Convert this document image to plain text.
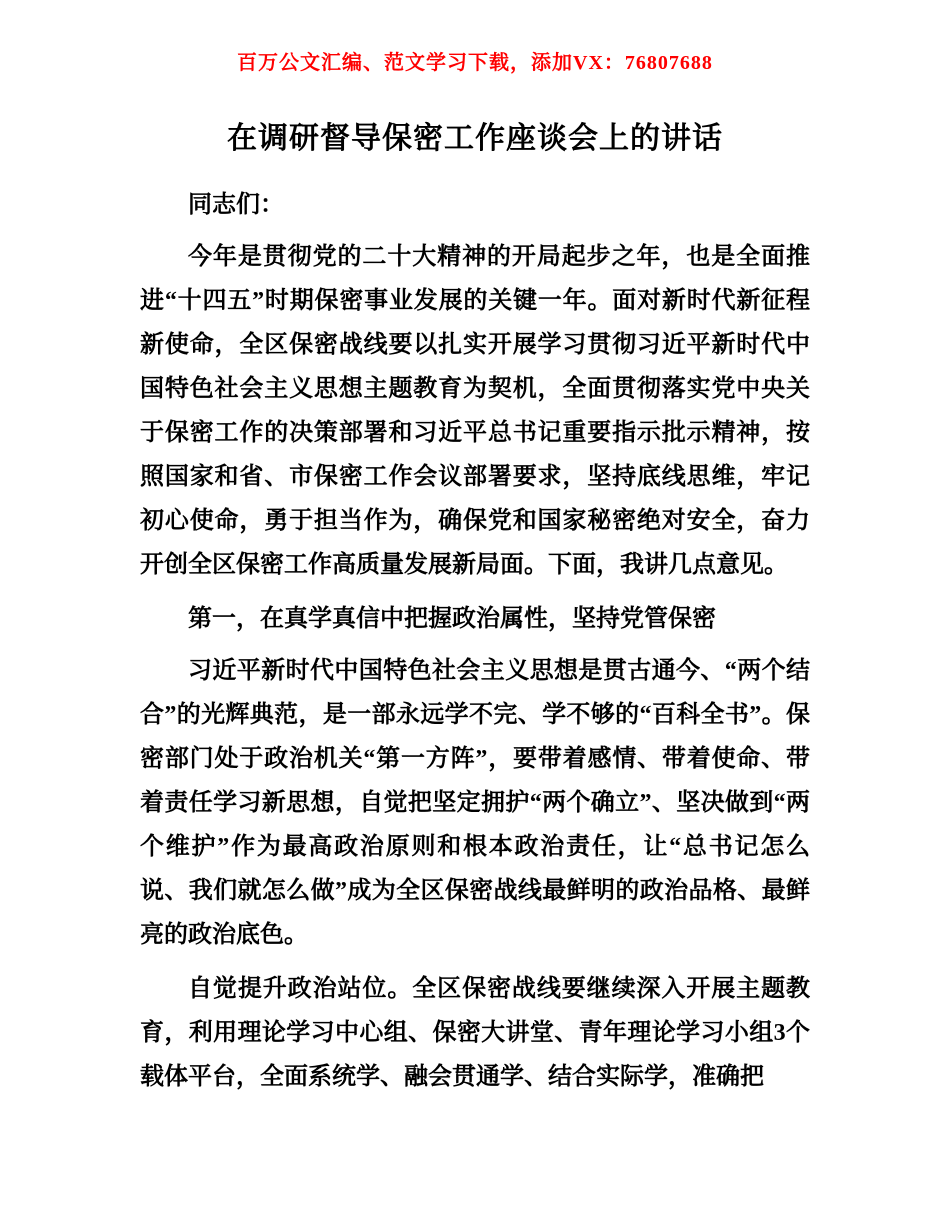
百万公文汇编、范文学习下载，添加VX：76807688
在调研督导保密工作座谈会上的讲话

同志们：

今年是贯彻党的二十大精神的开局起步之年，也是全面推进“十四五”时期保密事业发展的关键一年。面对新时代新征程新使命，全区保密战线要以扎实开展学习贯彻习近平新时代中国特色社会主义思想主题教育为契机，全面贯彻落实党中央关于保密工作的决策部署和习近平总书记重要指示批示精神，按照国家和省、市保密工作会议部署要求，坚持底线思维，牢记初心使命，勇于担当作为，确保党和国家秘密绝对安全，奋力开创全区保密工作高质量发展新局面。下面，我讲几点意见。

第一，在真学真信中把握政治属性，坚持党管保密

习近平新时代中国特色社会主义思想是贯古通今、“两个结合”的光辉典范，是一部永远学不完、学不够的“百科全书”。保密部门处于政治机关“第一方阵”，要带着感情、带着使命、带着责任学习新思想，自觉把坚定拥护“两个确立”、坚决做到“两个维护”作为最高政治原则和根本政治责任，让“总书记怎么说、我们就怎么做”成为全区保密战线最鲜明的政治品格、最鲜亮的政治底色。

自觉提升政治站位。全区保密战线要继续深入开展主题教育，利用理论学习中心组、保密大讲堂、青年理论学习小组3个载体平台，全面系统学、融会贯通学、结合实际学，准确把
